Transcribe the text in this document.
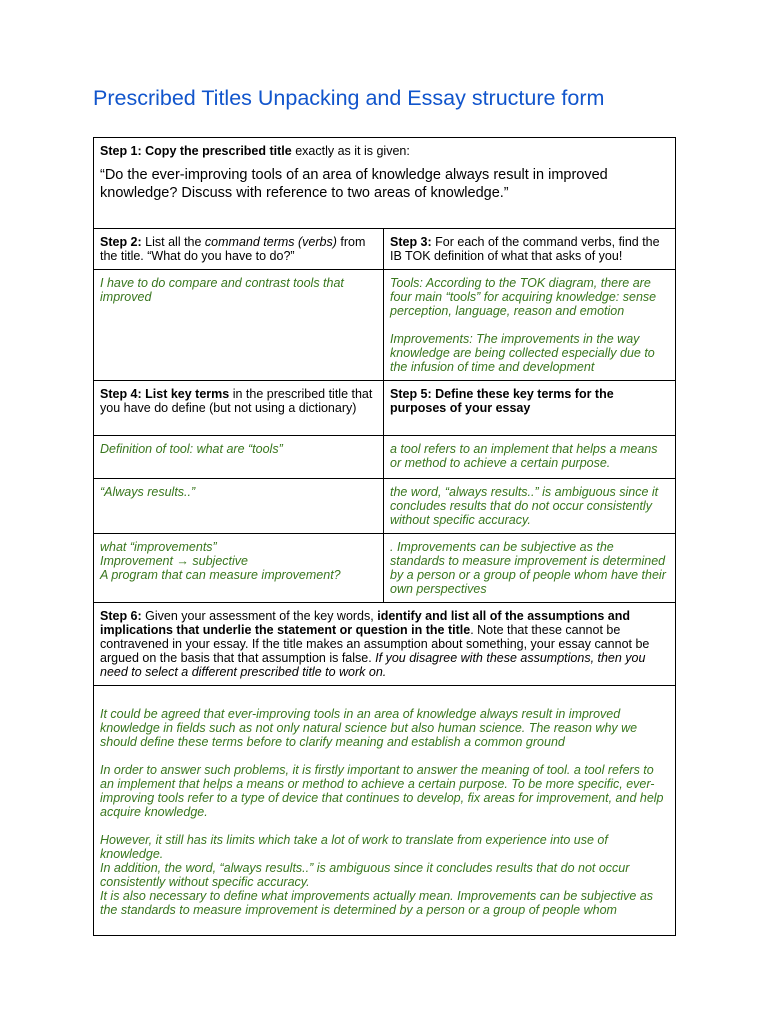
Prescribed Titles Unpacking and Essay structure form
Step 1: Copy the prescribed title exactly as it is given:
“Do the ever-improving tools of an area of knowledge always result in improved knowledge? Discuss with reference to two areas of knowledge.”	

Step 2: List all the command terms (verbs) from the title. “What do you have to do?”	Step 3: For each of the command verbs, find the IB TOK definition of what that asks of you!
I have to do compare and contrast tools that improved	Tools: According to the TOK diagram, there are four main “tools” for acquiring knowledge: sense perception, language, reason and emotion
Improvements: The improvements in the way knowledge are being collected especially due to the infusion of time and development
Step 4: List key terms in the prescribed title that you have do define (but not using a dictionary)	Step 5: Define these key terms for the purposes of your essay
Definition of tool: what are “tools”	a tool refers to an implement that helps a means or method to achieve a certain purpose.
“Always results..”	the word, “always results..” is ambiguous since it concludes results that do not occur consistently without specific accuracy.
what “improvements”
Improvement → subjective
A program that can measure improvement?	. Improvements can be subjective as the standards to measure improvement is determined by a person or a group of people whom have their own perspectives
Step 6: Given your assessment of the key words, identify and list all of the assumptions and implications that underlie the statement or question in the title. Note that these cannot be contravened in your essay. If the title makes an assumption about something, your essay cannot be argued on the basis that that assumption is false. If you disagree with these assumptions, then you need to select a different prescribed title to work on.	
It could be agreed that ever-improving tools in an area of knowledge always result in improved knowledge in fields such as not only natural science but also human science. The reason why we should define these terms before to clarify meaning and establish a common ground
In order to answer such problems, it is firstly important to answer the meaning of tool. a tool refers to an implement that helps a means or method to achieve a certain purpose. To be more specific, ever-improving tools refer to a type of device that continues to develop, fix areas for improvement, and help acquire knowledge.
However, it still has its limits which take a lot of work to translate from experience into use of knowledge.
In addition, the word, “always results..” is ambiguous since it concludes results that do not occur consistently without specific accuracy.
It is also necessary to define what improvements actually mean. Improvements can be subjective as the standards to measure improvement is determined by a person or a group of people whom	
